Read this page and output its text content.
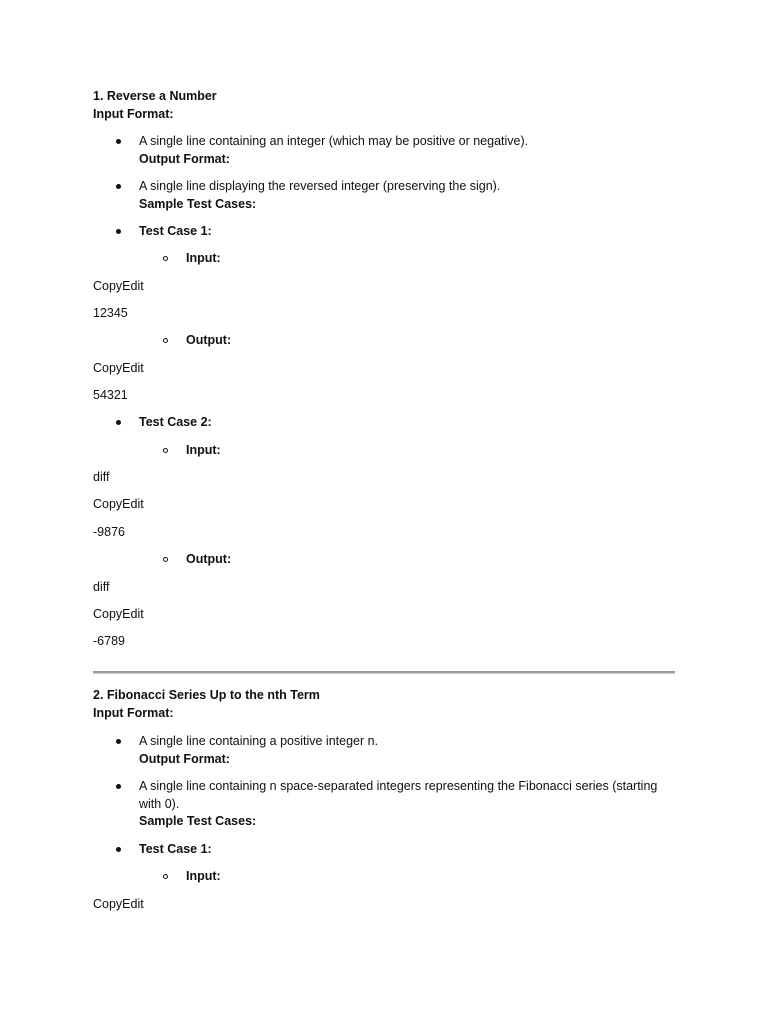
1. Reverse a Number
Input Format:
A single line containing an integer (which may be positive or negative).
Output Format:
A single line displaying the reversed integer (preserving the sign).
Sample Test Cases:
Test Case 1:
Input:
CopyEdit
12345
Output:
CopyEdit
54321
Test Case 2:
Input:
diff
CopyEdit
-9876
Output:
diff
CopyEdit
-6789
2. Fibonacci Series Up to the nth Term
Input Format:
A single line containing a positive integer n.
Output Format:
A single line containing n space-separated integers representing the Fibonacci series (starting
with 0).
Sample Test Cases:
Test Case 1:
Input:
CopyEdit
